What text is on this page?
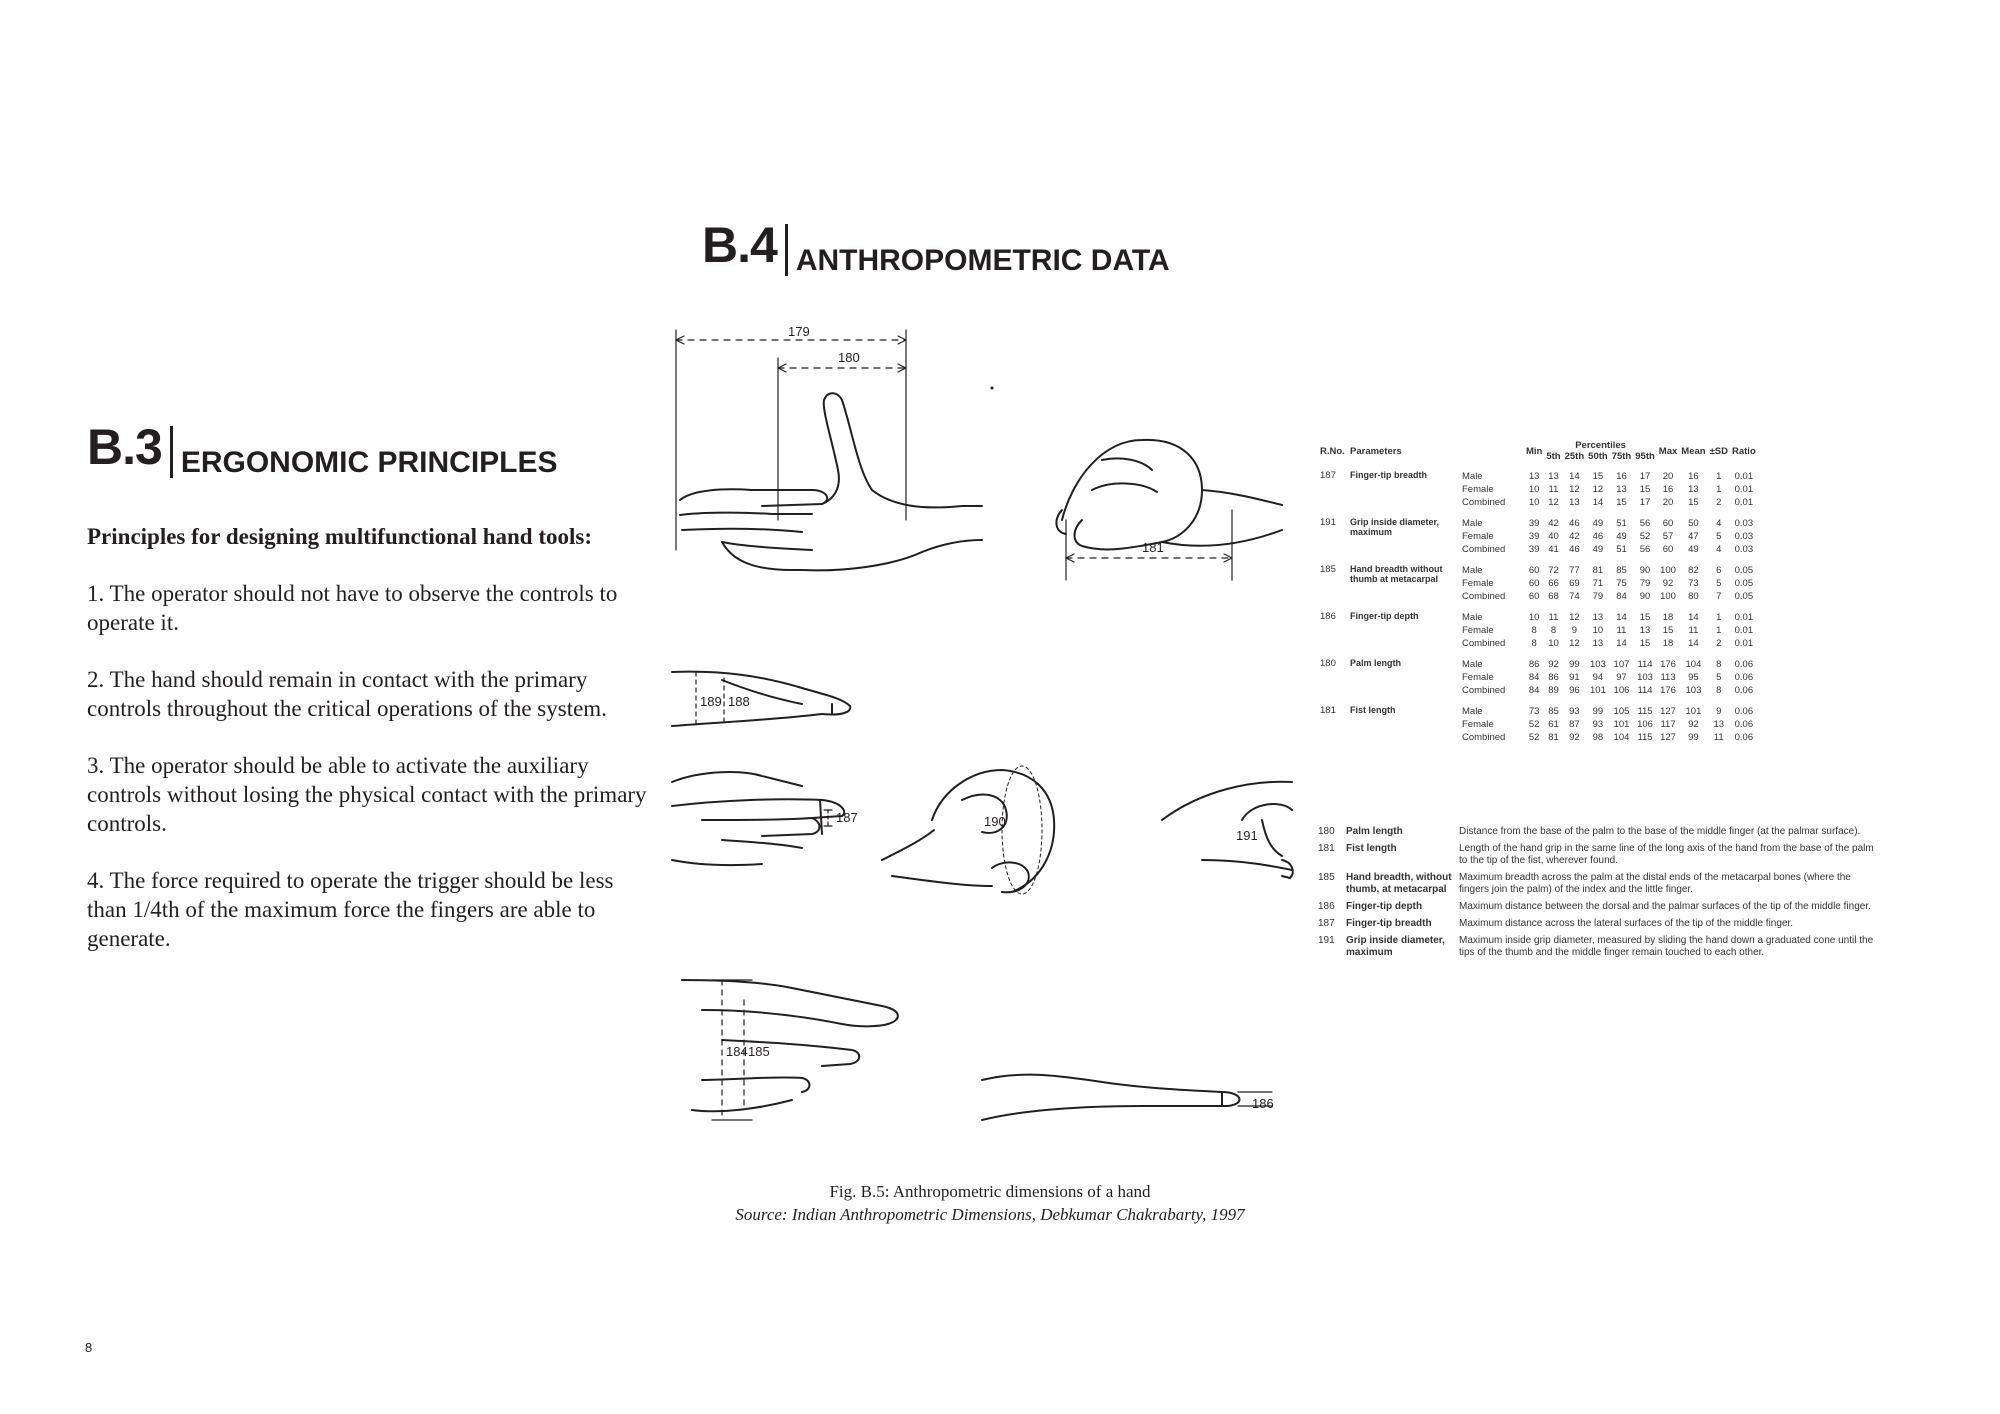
B.3 ERGONOMIC PRINCIPLES
B.4 ANTHROPOMETRIC DATA

Principles for designing multifunctional hand tools:

1. The operator should not have to observe the controls to operate it.

2. The hand should remain in contact with the primary controls throughout the critical operations of the system.

3. The operator should be able to activate the auxiliary controls without losing the physical contact with the primary controls.

4. The force required to operate the trigger should be less than 1/4th of the maximum force the fingers are able to generate.

179
180
181
189 188
187	190
191
184 185
186
R.No.	Parameters		Min	Percentiles					Max	Mean	±SD	Ratio
				5th	25th	50th	75th	95th				
187	Finger-tip breadth	Male	13	13	14	15	16	17	20	16	1	0.01
		Female	10	11	12	12	13	15	16	13	1	0.01
		Combined	10	12	13	14	15	17	20	15	2	0.01
191	Grip inside diameter, maximum	Male	39	42	46	49	51	56	60	50	4	0.03
		Female	39	40	42	46	49	52	57	47	5	0.03
		Combined	39	41	46	49	51	56	60	49	4	0.03
185	Hand breadth without thumb at metacarpal	Male	60	72	77	81	85	90	100	82	6	0.05
		Female	60	66	69	71	75	79	92	73	5	0.05
		Combined	60	68	74	79	84	90	100	80	7	0.05
186	Finger-tip depth	Male	10	11	12	13	14	15	18	14	1	0.01
		Female	8	8	9	10	11	13	15	11	1	0.01
		Combined	8	10	12	13	14	15	18	14	2	0.01
180	Palm length	Male	86	92	99	103	107	114	176	104	8	0.06
		Female	84	86	91	94	97	103	113	95	5	0.06
		Combined	84	89	96	101	106	114	176	103	8	0.06
181	Fist length	Male	73	85	93	99	105	115	127	101	9	0.06
		Female	52	61	87	93	101	106	117	92	13	0.06
		Combined	52	81	92	98	104	115	127	99	11	0.06
180	Palm length	Distance from the base of the palm to the base of the middle finger (at the palmar surface).
181	Fist length	Length of the hand grip in the same line of the long axis of the hand from the base of the palm to the tip of the fist, wherever found.
185	Hand breadth, without thumb, at metacarpal
Maximum breadth across the palm at the distal ends of the metacarpal bones (where the fingers join the palm) of the index and the little finger.
186	Finger-tip depth	Maximum distance between the dorsal and the palmar surfaces of the tip of the middle finger.
187	Finger-tip breadth	Maximum distance across the lateral surfaces of the tip of the middle finger.
191	Grip inside diameter, maximum
Maximum inside grip diameter, measured by sliding the hand down a graduated cone until the tips of the thumb and the middle finger remain touched to each other.
Fig. B.5: Anthropometric dimensions of a hand
Source: Indian Anthropometric Dimensions, Debkumar Chakrabarty, 1997
8
